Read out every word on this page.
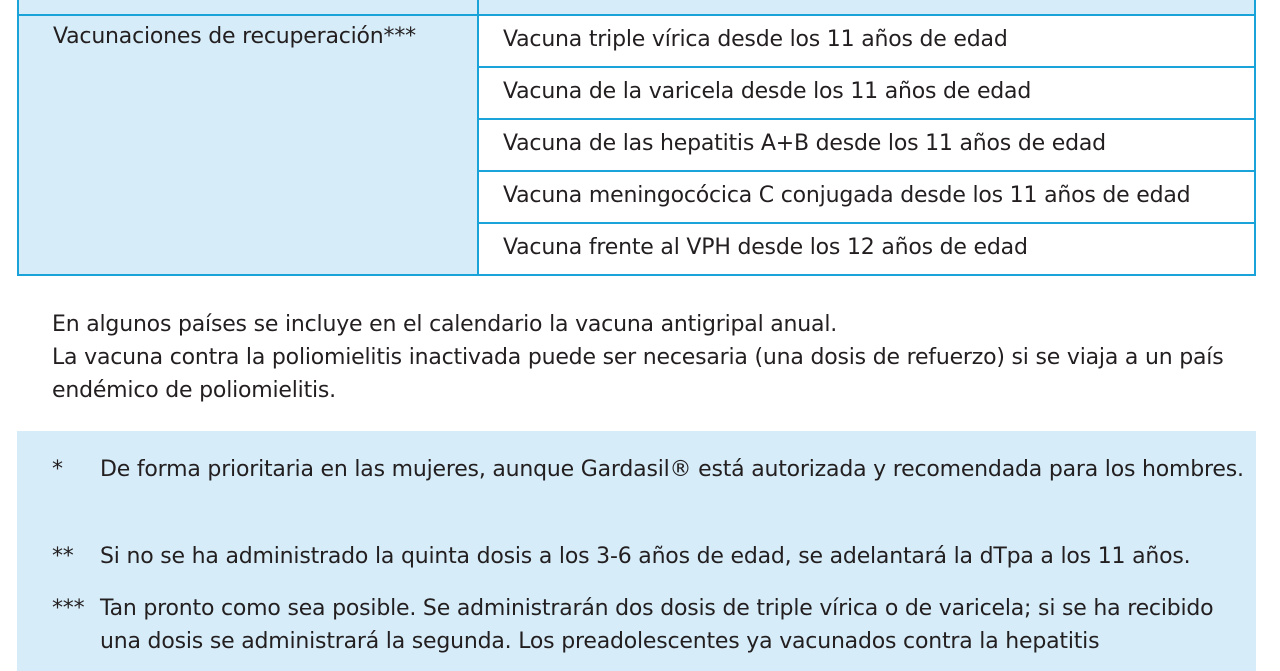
Vacunaciones de recuperación***	Vacuna triple vírica desde los 11 años de edad
Vacuna de la varicela desde los 11 años de edad
Vacuna de las hepatitis A+B desde los 11 años de edad
Vacuna meningocócica C conjugada desde los 11 años de edad
Vacuna frente al VPH desde los 12 años de edad

En algunos países se incluye en el calendario la vacuna antigripal anual.

La vacuna contra la poliomielitis inactivada puede ser necesaria (una dosis de refuerzo) si se viaja a un país endémico de poliomielitis.

* De forma prioritaria en las mujeres, aunque Gardasil® está autorizada y recomendada para los hombres.
** Si no se ha administrado la quinta dosis a los 3-6 años de edad, se adelantará la dTpa a los 11 años.
*** Tan pronto como sea posible. Se administrarán dos dosis de triple vírica o de varicela; si se ha recibido una dosis se administrará la segunda. Los preadolescentes ya vacunados contra la hepatitis
